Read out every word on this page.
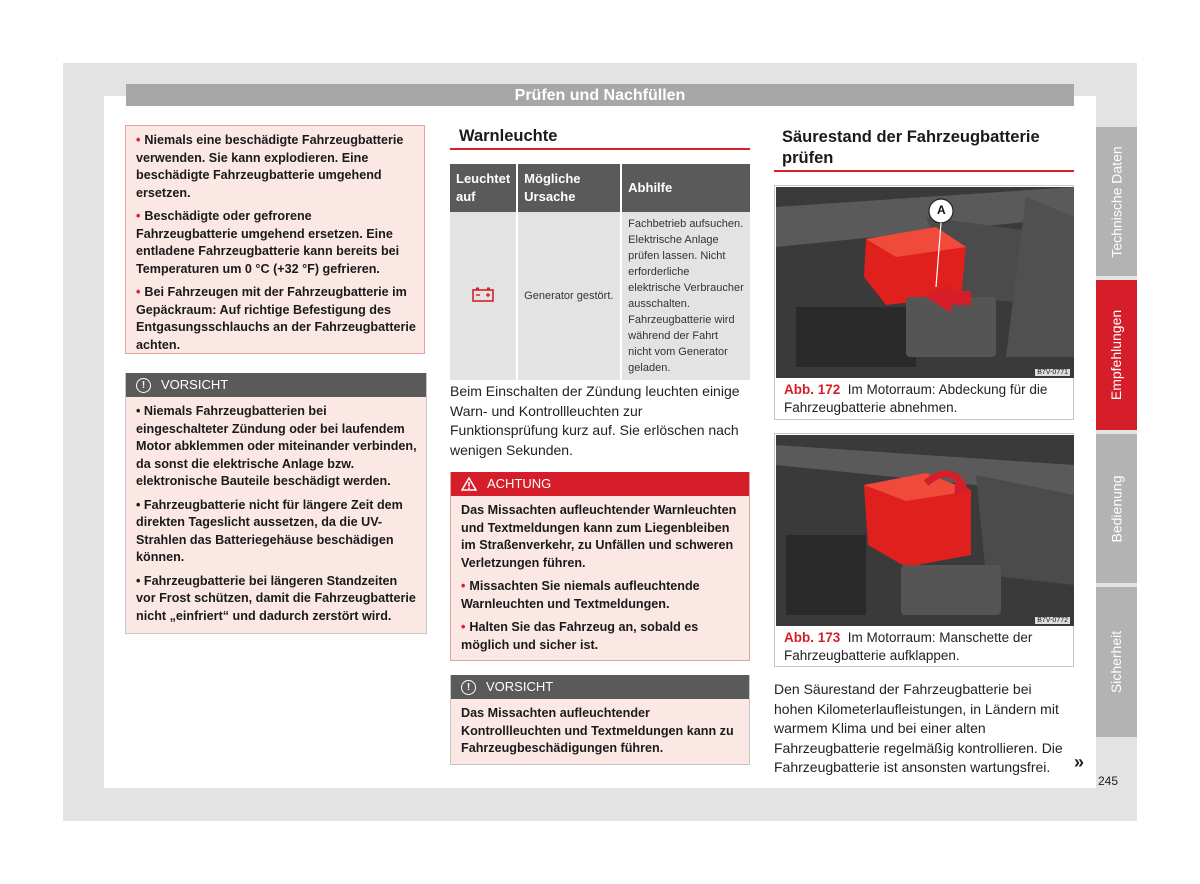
Prüfen und Nachfüllen
Technische Daten
Empfehlungen
Bedienung
Sicherheit
245

• Niemals eine beschädigte Fahrzeugbatterie verwenden. Sie kann explodieren. Eine beschädigte Fahrzeugbatterie umgehend ersetzen.

• Beschädigte oder gefrorene Fahrzeugbatterie umgehend ersetzen. Eine entladene Fahrzeugbatterie kann bereits bei Temperaturen um 0 °C (+32 °F) gefrieren.

• Bei Fahrzeugen mit der Fahrzeugbatterie im Gepäckraum: Auf richtige Befestigung des Entgasungsschlauchs an der Fahrzeugbatterie achten.

!	VORSICHT

• Niemals Fahrzeugbatterien bei eingeschalteter Zündung oder bei laufendem Motor abklemmen oder miteinander verbinden, da sonst die elektrische Anlage bzw. elektronische Bauteile beschädigt werden.

• Fahrzeugbatterie nicht für längere Zeit dem direkten Tageslicht aussetzen, da die UV-Strahlen das Batteriegehäuse beschädigen können.

• Fahrzeugbatterie bei längeren Standzeiten vor Frost schützen, damit die Fahrzeugbatterie nicht „einfriert“ und dadurch zerstört wird.

Warnleuchte
Leuchtet auf	Mögliche Ursache	Abhilfe
	Generator gestört.	Fachbetrieb aufsuchen. Elektrische Anlage prüfen lassen. Nicht erforderliche elektrische Verbraucher ausschalten. Fahrzeugbatterie wird während der Fahrt nicht vom Generator geladen.
Beim Einschalten der Zündung leuchten einige Warn- und Kontrollleuchten zur Funktionsprüfung kurz auf. Sie erlöschen nach wenigen Sekunden.
ACHTUNG

Das Missachten aufleuchtender Warnleuchten und Textmeldungen kann zum Liegenbleiben im Straßenverkehr, zu Unfällen und schweren Verletzungen führen.

• Missachten Sie niemals aufleuchtende Warnleuchten und Textmeldungen.

• Halten Sie das Fahrzeug an, sobald es möglich und sicher ist.

!	VORSICHT

Das Missachten aufleuchtender Kontrollleuchten und Textmeldungen kann zu Fahrzeugbeschädigungen führen.

Säurestand der Fahrzeugbatterie prüfen
A
B7V-0771
Abb. 172 Im Motorraum: Abdeckung für die Fahrzeugbatterie abnehmen.
B7V-0772
Abb. 173 Im Motorraum: Manschette der Fahrzeugbatterie aufklappen.
Den Säurestand der Fahrzeugbatterie bei hohen Kilometerlaufleistungen, in Ländern mit warmem Klima und bei einer alten Fahrzeugbatterie regelmäßig kontrollieren. Die Fahrzeugbatterie ist ansonsten wartungsfrei.	»
